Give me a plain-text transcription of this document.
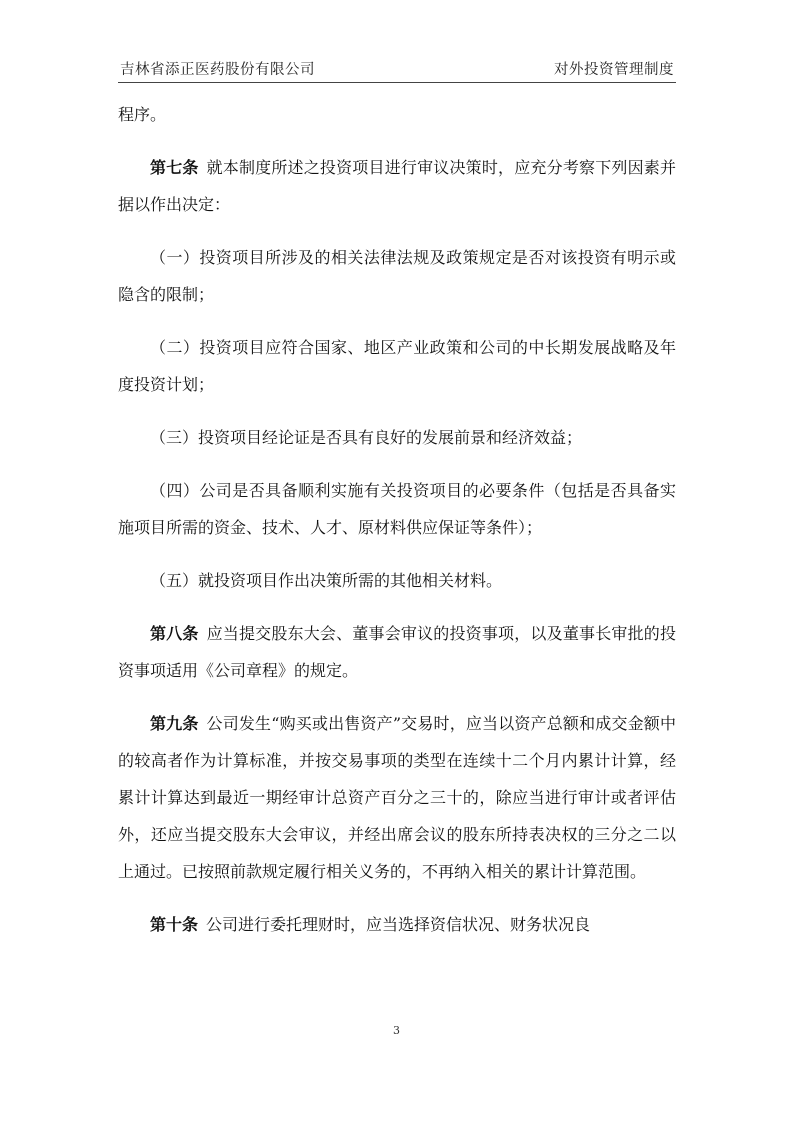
吉林省添正医药股份有限公司	对外投资管理制度

程序。

第七条 就本制度所述之投资项目进行审议决策时，应充分考察下列因素并据以作出决定：

（一）投资项目所涉及的相关法律法规及政策规定是否对该投资有明示或隐含的限制；

（二）投资项目应符合国家、地区产业政策和公司的中长期发展战略及年度投资计划；

（三）投资项目经论证是否具有良好的发展前景和经济效益；

（四）公司是否具备顺利实施有关投资项目的必要条件（包括是否具备实施项目所需的资金、技术、人才、原材料供应保证等条件）；

（五）就投资项目作出决策所需的其他相关材料。

第八条 应当提交股东大会、董事会审议的投资事项，以及董事长审批的投资事项适用《公司章程》的规定。

第九条 公司发生“购买或出售资产”交易时，应当以资产总额和成交金额中的较高者作为计算标准，并按交易事项的类型在连续十二个月内累计计算，经累计计算达到最近一期经审计总资产百分之三十的，除应当进行审计或者评估外，还应当提交股东大会审议，并经出席会议的股东所持表决权的三分之二以上通过。已按照前款规定履行相关义务的，不再纳入相关的累计计算范围。

第十条 公司进行委托理财时，应当选择资信状况、财务状况良

3
